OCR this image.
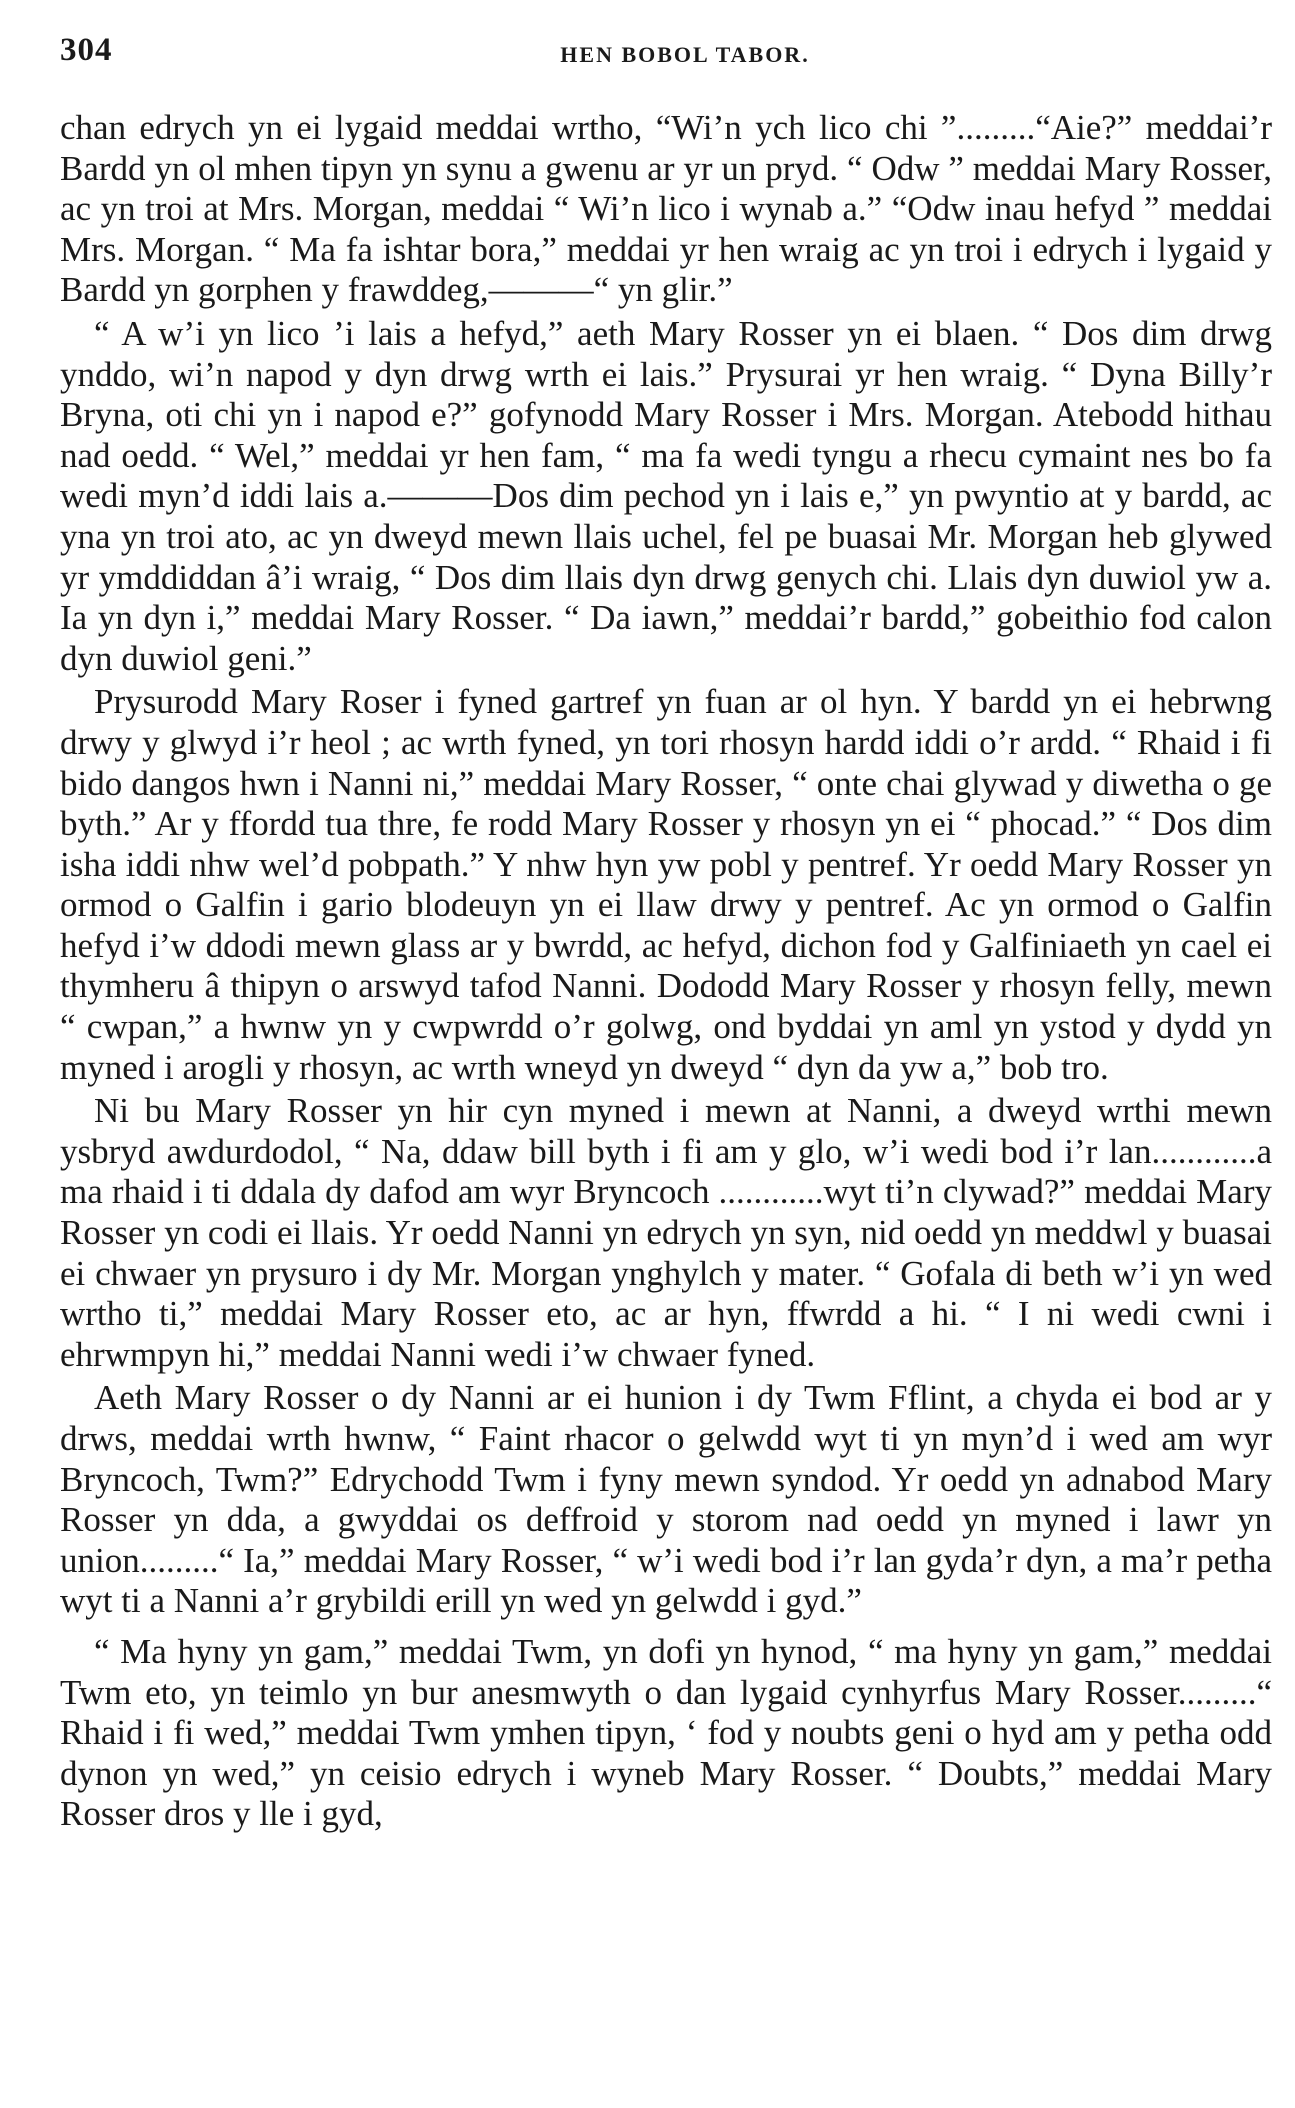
304	HEN BOBOL TABOR.

chan edrych yn ei lygaid meddai wrtho, “Wi’n ych lico chi ”.........“Aie?” meddai’r Bardd yn ol mhen tipyn yn synu a gwenu ar yr un pryd. “ Odw ” meddai Mary Rosser, ac yn troi at Mrs. Morgan, meddai “ Wi’n lico i wynab a.” “Odw inau hefyd ” meddai Mrs. Morgan. “ Ma fa ishtar bora,” meddai yr hen wraig ac yn troi i edrych i lygaid y Bardd yn gorphen y frawddeg,———“ yn glir.”

“ A w’i yn lico ’i lais a hefyd,” aeth Mary Rosser yn ei blaen. “ Dos dim drwg ynddo, wi’n napod y dyn drwg wrth ei lais.” Prysurai yr hen wraig. “ Dyna Billy’r Bryna, oti chi yn i napod e?” gofynodd Mary Rosser i Mrs. Morgan. Atebodd hithau nad oedd. “ Wel,” meddai yr hen fam, “ ma fa wedi tyngu a rhecu cymaint nes bo fa wedi myn’d iddi lais a.———Dos dim pechod yn i lais e,” yn pwyntio at y bardd, ac yna yn troi ato, ac yn dweyd mewn llais uchel, fel pe buasai Mr. Morgan heb glywed yr ymddiddan â’i wraig, “ Dos dim llais dyn drwg genych chi. Llais dyn duwiol yw a. Ia yn dyn i,” meddai Mary Rosser. “ Da iawn,” meddai’r bardd,” gobeithio fod calon dyn duwiol geni.”

Prysurodd Mary Roser i fyned gartref yn fuan ar ol hyn. Y bardd yn ei hebrwng drwy y glwyd i’r heol ; ac wrth fyned, yn tori rhosyn hardd iddi o’r ardd. “ Rhaid i fi bido dangos hwn i Nanni ni,” meddai Mary Rosser, “ onte chai glywad y diwetha o ge byth.” Ar y ffordd tua thre, fe rodd Mary Rosser y rhosyn yn ei “ phocad.” “ Dos dim isha iddi nhw wel’d pobpath.” Y nhw hyn yw pobl y pentref. Yr oedd Mary Rosser yn ormod o Galfin i gario blodeuyn yn ei llaw drwy y pentref. Ac yn ormod o Galfin hefyd i’w ddodi mewn glass ar y bwrdd, ac hefyd, dichon fod y Galfiniaeth yn cael ei thymheru â thipyn o arswyd tafod Nanni. Dododd Mary Rosser y rhosyn felly, mewn “ cwpan,” a hwnw yn y cwpwrdd o’r golwg, ond byddai yn aml yn ystod y dydd yn myned i arogli y rhosyn, ac wrth wneyd yn dweyd “ dyn da yw a,” bob tro.

Ni bu Mary Rosser yn hir cyn myned i mewn at Nanni, a dweyd wrthi mewn ysbryd awdurdodol, “ Na, ddaw bill byth i fi am y glo, w’i wedi bod i’r lan............a ma rhaid i ti ddala dy dafod am wyr Bryncoch ............wyt ti’n clywad?” meddai Mary Rosser yn codi ei llais. Yr oedd Nanni yn edrych yn syn, nid oedd yn meddwl y buasai ei chwaer yn prysuro i dy Mr. Morgan ynghylch y mater. “ Gofala di beth w’i yn wed wrtho ti,” meddai Mary Rosser eto, ac ar hyn, ffwrdd a hi. “ I ni wedi cwni i ehrwmpyn hi,” meddai Nanni wedi i’w chwaer fyned.

Aeth Mary Rosser o dy Nanni ar ei hunion i dy Twm Fflint, a chyda ei bod ar y drws, meddai wrth hwnw, “ Faint rhacor o gelwdd wyt ti yn myn’d i wed am wyr Bryncoch, Twm?” Edrychodd Twm i fyny mewn syndod. Yr oedd yn adnabod Mary Rosser yn dda, a gwyddai os deffroid y storom nad oedd yn myned i lawr yn union.........“ Ia,” meddai Mary Rosser, “ w’i wedi bod i’r lan gyda’r dyn, a ma’r petha wyt ti a Nanni a’r grybildi erill yn wed yn gelwdd i gyd.”

“ Ma hyny yn gam,” meddai Twm, yn dofi yn hynod, “ ma hyny yn gam,” meddai Twm eto, yn teimlo yn bur anesmwyth o dan lygaid cynhyrfus Mary Rosser.........“ Rhaid i fi wed,” meddai Twm ymhen tipyn, ‘ fod y noubts geni o hyd am y petha odd dynon yn wed,” yn ceisio edrych i wyneb Mary Rosser. “ Doubts,” meddai Mary Rosser dros y lle i gyd,
